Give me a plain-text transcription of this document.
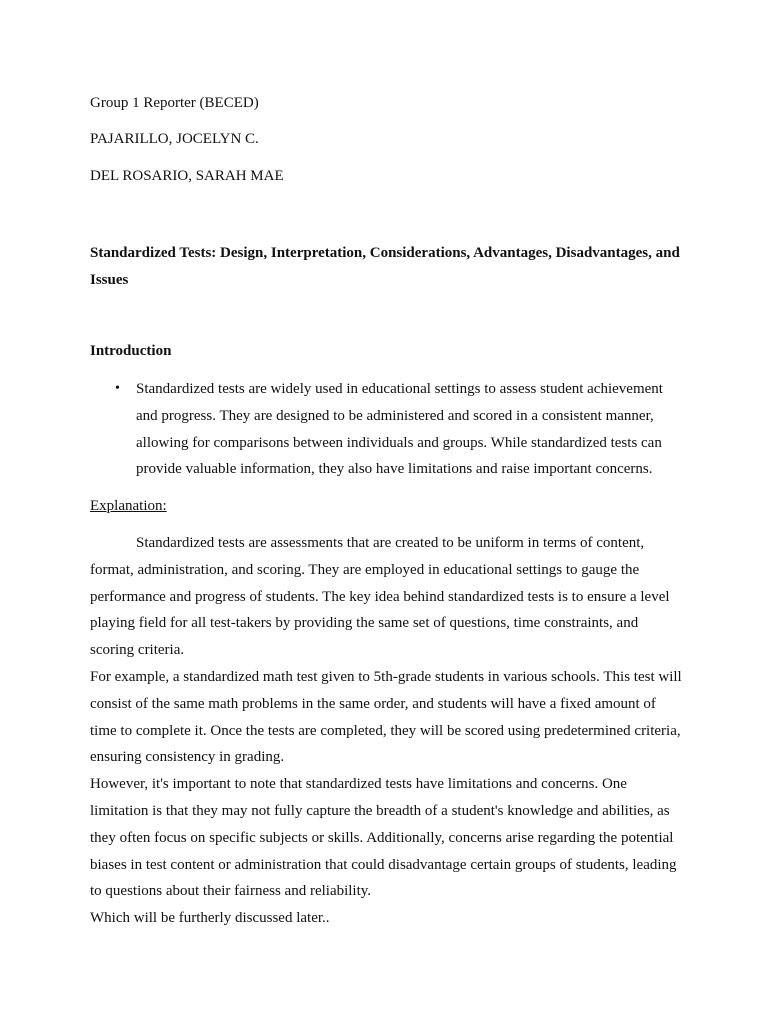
Group 1 Reporter (BECED)
PAJARILLO, JOCELYN C.
DEL ROSARIO, SARAH MAE
Standardized Tests: Design, Interpretation, Considerations, Advantages, Disadvantages, and Issues
Introduction
• Standardized tests are widely used in educational settings to assess student achievement and progress. They are designed to be administered and scored in a consistent manner, allowing for comparisons between individuals and groups. While standardized tests can provide valuable information, they also have limitations and raise important concerns.
Explanation:

Standardized tests are assessments that are created to be uniform in terms of content, format, administration, and scoring. They are employed in educational settings to gauge the performance and progress of students. The key idea behind standardized tests is to ensure a level playing field for all test-takers by providing the same set of questions, time constraints, and scoring criteria.

For example, a standardized math test given to 5th-grade students in various schools. This test will consist of the same math problems in the same order, and students will have a fixed amount of time to complete it. Once the tests are completed, they will be scored using predetermined criteria, ensuring consistency in grading.

However, it's important to note that standardized tests have limitations and concerns. One limitation is that they may not fully capture the breadth of a student's knowledge and abilities, as they often focus on specific subjects or skills. Additionally, concerns arise regarding the potential biases in test content or administration that could disadvantage certain groups of students, leading to questions about their fairness and reliability.

Which will be furtherly discussed later..
